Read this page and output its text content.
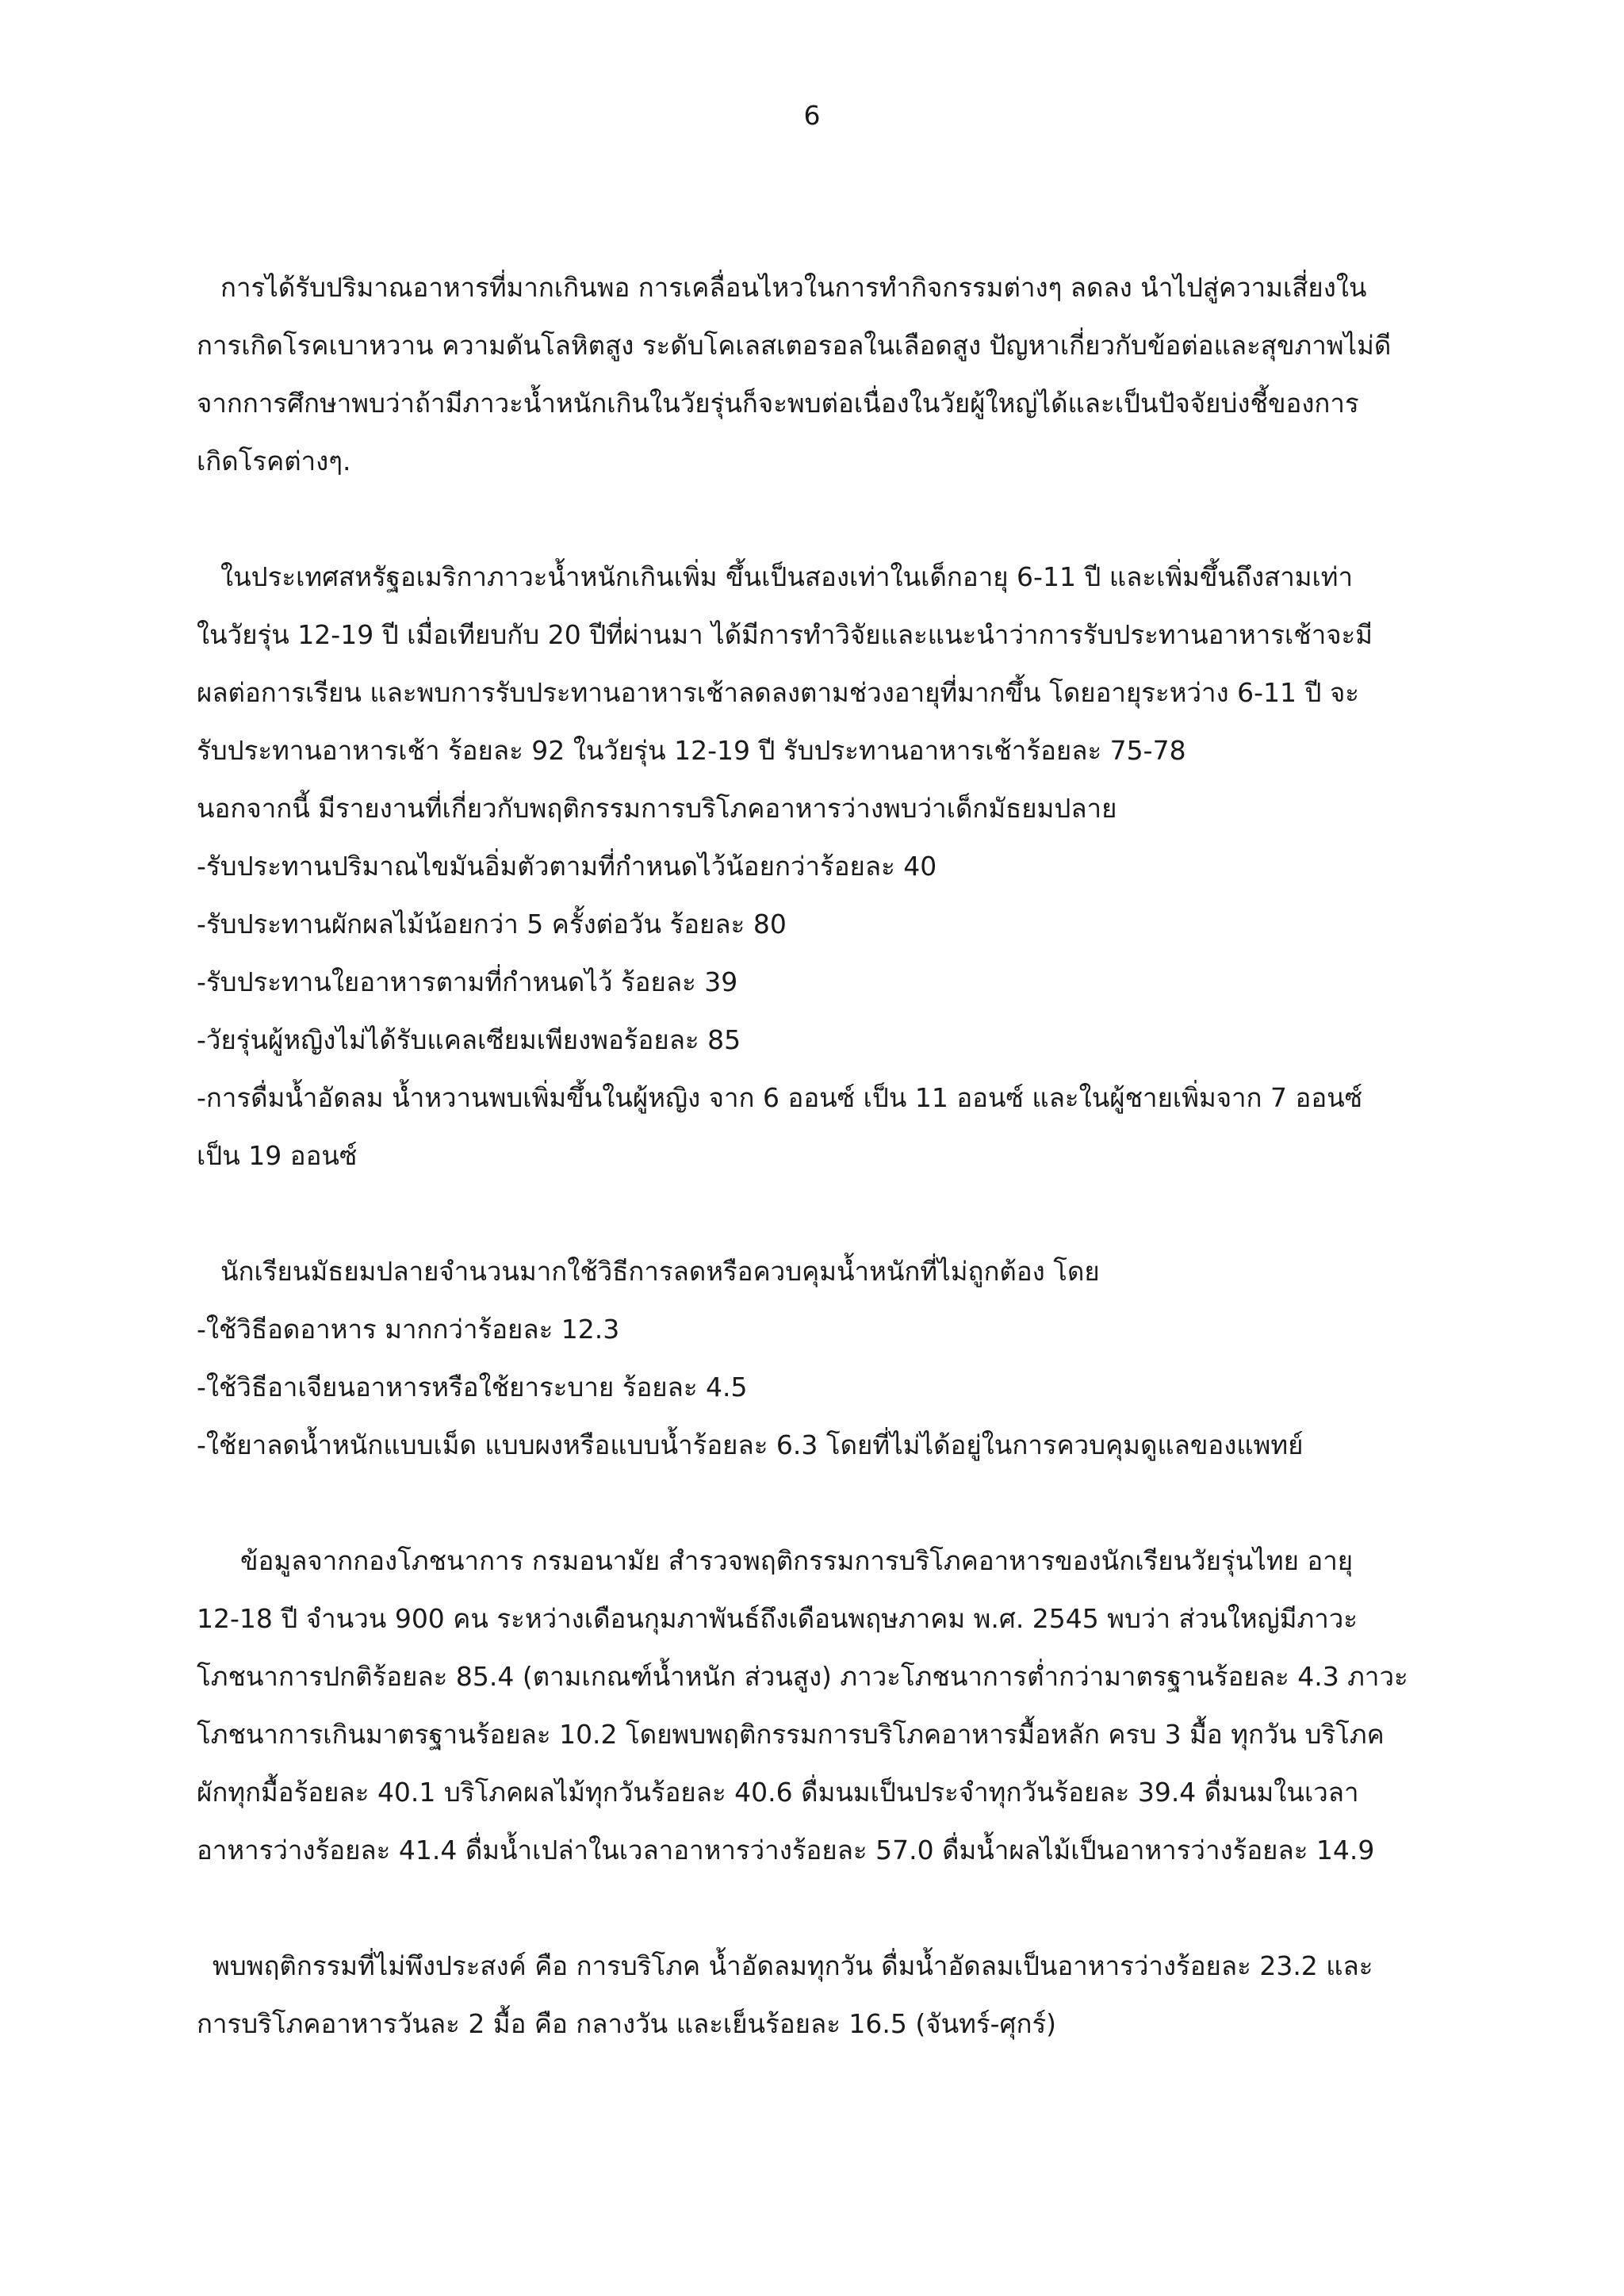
6
การได้รับปริมาณอาหารที่มากเกินพอ การเคลื่อนไหวในการทำกิจกรรมต่างๆ ลดลง นำไปสู่ความเสี่ยงใน
การเกิดโรคเบาหวาน ความดันโลหิตสูง ระดับโคเลสเตอรอลในเลือดสูง ปัญหาเกี่ยวกับข้อต่อและสุขภาพไม่ดี
จากการศึกษาพบว่าถ้ามีภาวะน้ำหนักเกินในวัยรุ่นก็จะพบต่อเนื่องในวัยผู้ใหญ่ได้และเป็นปัจจัยบ่งชี้ของการ
เกิดโรคต่างๆ.
ในประเทศสหรัฐอเมริกาภาวะน้ำหนักเกินเพิ่ม ขึ้นเป็นสองเท่าในเด็กอายุ 6-11 ปี และเพิ่มขึ้นถึงสามเท่า
ในวัยรุ่น 12-19 ปี เมื่อเทียบกับ 20 ปีที่ผ่านมา ได้มีการทำวิจัยและแนะนำว่าการรับประทานอาหารเช้าจะมี
ผลต่อการเรียน และพบการรับประทานอาหารเช้าลดลงตามช่วงอายุที่มากขึ้น โดยอายุระหว่าง 6-11 ปี จะ
รับประทานอาหารเช้า ร้อยละ 92 ในวัยรุ่น 12-19 ปี รับประทานอาหารเช้าร้อยละ 75-78
นอกจากนี้ มีรายงานที่เกี่ยวกับพฤติกรรมการบริโภคอาหารว่างพบว่าเด็กมัธยมปลาย
-รับประทานปริมาณไขมันอิ่มตัวตามที่กำหนดไว้น้อยกว่าร้อยละ 40
-รับประทานผักผลไม้น้อยกว่า 5 ครั้งต่อวัน ร้อยละ 80
-รับประทานใยอาหารตามที่กำหนดไว้ ร้อยละ 39
-วัยรุ่นผู้หญิงไม่ได้รับแคลเซียมเพียงพอร้อยละ 85
-การดื่มน้ำอัดลม น้ำหวานพบเพิ่มขึ้นในผู้หญิง จาก 6 ออนซ์ เป็น 11 ออนซ์ และในผู้ชายเพิ่มจาก 7 ออนซ์
เป็น 19 ออนซ์
นักเรียนมัธยมปลายจำนวนมากใช้วิธีการลดหรือควบคุมน้ำหนักที่ไม่ถูกต้อง โดย
-ใช้วิธีอดอาหาร มากกว่าร้อยละ 12.3
-ใช้วิธีอาเจียนอาหารหรือใช้ยาระบาย ร้อยละ 4.5
-ใช้ยาลดน้ำหนักแบบเม็ด แบบผงหรือแบบน้ำร้อยละ 6.3 โดยที่ไม่ได้อยู่ในการควบคุมดูแลของแพทย์
ข้อมูลจากกองโภชนาการ กรมอนามัย สำรวจพฤติกรรมการบริโภคอาหารของนักเรียนวัยรุ่นไทย อายุ
12-18 ปี จำนวน 900 คน ระหว่างเดือนกุมภาพันธ์ถึงเดือนพฤษภาคม พ.ศ. 2545 พบว่า ส่วนใหญ่มีภาวะ
โภชนาการปกติร้อยละ 85.4 (ตามเกณฑ์น้ำหนัก ส่วนสูง) ภาวะโภชนาการต่ำกว่ามาตรฐานร้อยละ 4.3 ภาวะ
โภชนาการเกินมาตรฐานร้อยละ 10.2 โดยพบพฤติกรรมการบริโภคอาหารมื้อหลัก ครบ 3 มื้อ ทุกวัน บริโภค
ผักทุกมื้อร้อยละ 40.1 บริโภคผลไม้ทุกวันร้อยละ 40.6 ดื่มนมเป็นประจำทุกวันร้อยละ 39.4 ดื่มนมในเวลา
อาหารว่างร้อยละ 41.4 ดื่มน้ำเปล่าในเวลาอาหารว่างร้อยละ 57.0 ดื่มน้ำผลไม้เป็นอาหารว่างร้อยละ 14.9
พบพฤติกรรมที่ไม่พึงประสงค์ คือ การบริโภค น้ำอัดลมทุกวัน ดื่มน้ำอัดลมเป็นอาหารว่างร้อยละ 23.2 และ
การบริโภคอาหารวันละ 2 มื้อ คือ กลางวัน และเย็นร้อยละ 16.5 (จันทร์-ศุกร์)
